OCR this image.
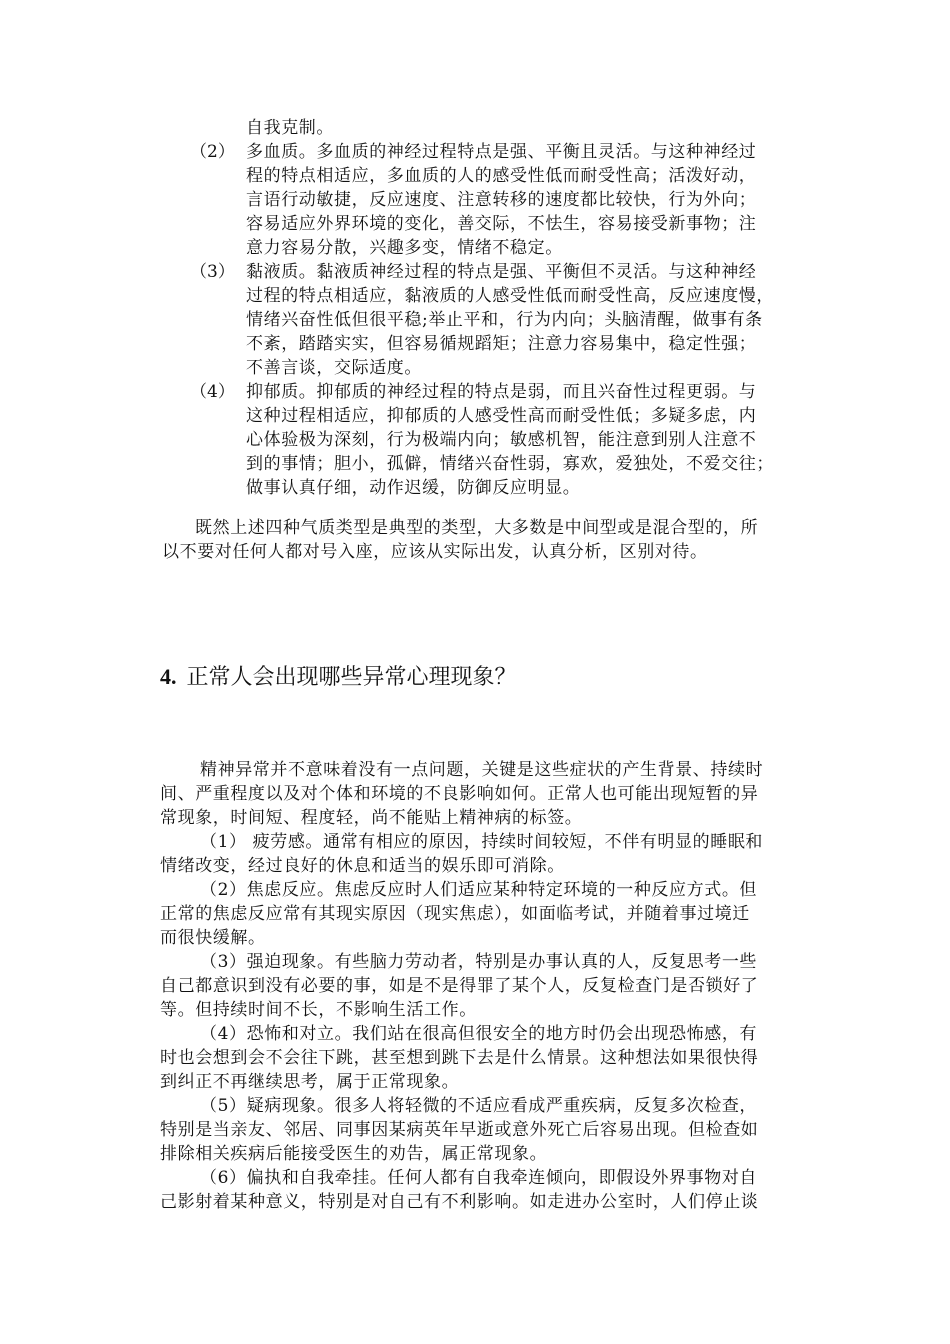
自我克制。
（2） 多血质。多血质的神经过程特点是强、平衡且灵活。与这种神经过
程的特点相适应，多血质的人的感受性低而耐受性高；活泼好动，
言语行动敏捷，反应速度、注意转移的速度都比较快，行为外向；
容易适应外界环境的变化，善交际，不怯生，容易接受新事物；注
意力容易分散，兴趣多变，情绪不稳定。
（3） 黏液质。黏液质神经过程的特点是强、平衡但不灵活。与这种神经
过程的特点相适应，黏液质的人感受性低而耐受性高，反应速度慢，
情绪兴奋性低但很平稳;举止平和，行为内向；头脑清醒，做事有条
不紊，踏踏实实，但容易循规蹈矩；注意力容易集中，稳定性强；
不善言谈，交际适度。
（4） 抑郁质。抑郁质的神经过程的特点是弱，而且兴奋性过程更弱。与
这种过程相适应，抑郁质的人感受性高而耐受性低；多疑多虑，内
心体验极为深刻，行为极端内向；敏感机智，能注意到别人注意不
到的事情；胆小，孤僻，情绪兴奋性弱，寡欢，爱独处，不爱交往；
做事认真仔细，动作迟缓，防御反应明显。
既然上述四种气质类型是典型的类型，大多数是中间型或是混合型的，所
以不要对任何人都对号入座，应该从实际出发，认真分析，区别对待。
4. 正常人会出现哪些异常心理现象？
精神异常并不意味着没有一点问题，关键是这些症状的产生背景、持续时
间、严重程度以及对个体和环境的不良影响如何。正常人也可能出现短暂的异
常现象，时间短、程度轻，尚不能贴上精神病的标签。
（1） 疲劳感。通常有相应的原因，持续时间较短，不伴有明显的睡眠和
情绪改变，经过良好的休息和适当的娱乐即可消除。
（2）焦虑反应。焦虑反应时人们适应某种特定环境的一种反应方式。但
正常的焦虑反应常有其现实原因（现实焦虑），如面临考试，并随着事过境迁
而很快缓解。
（3）强迫现象。有些脑力劳动者，特别是办事认真的人，反复思考一些
自己都意识到没有必要的事，如是不是得罪了某个人，反复检查门是否锁好了
等。但持续时间不长，不影响生活工作。
（4）恐怖和对立。我们站在很高但很安全的地方时仍会出现恐怖感，有
时也会想到会不会往下跳，甚至想到跳下去是什么情景。这种想法如果很快得
到纠正不再继续思考，属于正常现象。
（5）疑病现象。很多人将轻微的不适应看成严重疾病，反复多次检查，
特别是当亲友、邻居、同事因某病英年早逝或意外死亡后容易出现。但检查如
排除相关疾病后能接受医生的劝告，属正常现象。
（6）偏执和自我牵挂。任何人都有自我牵连倾向，即假设外界事物对自
己影射着某种意义，特别是对自己有不利影响。如走进办公室时，人们停止谈
